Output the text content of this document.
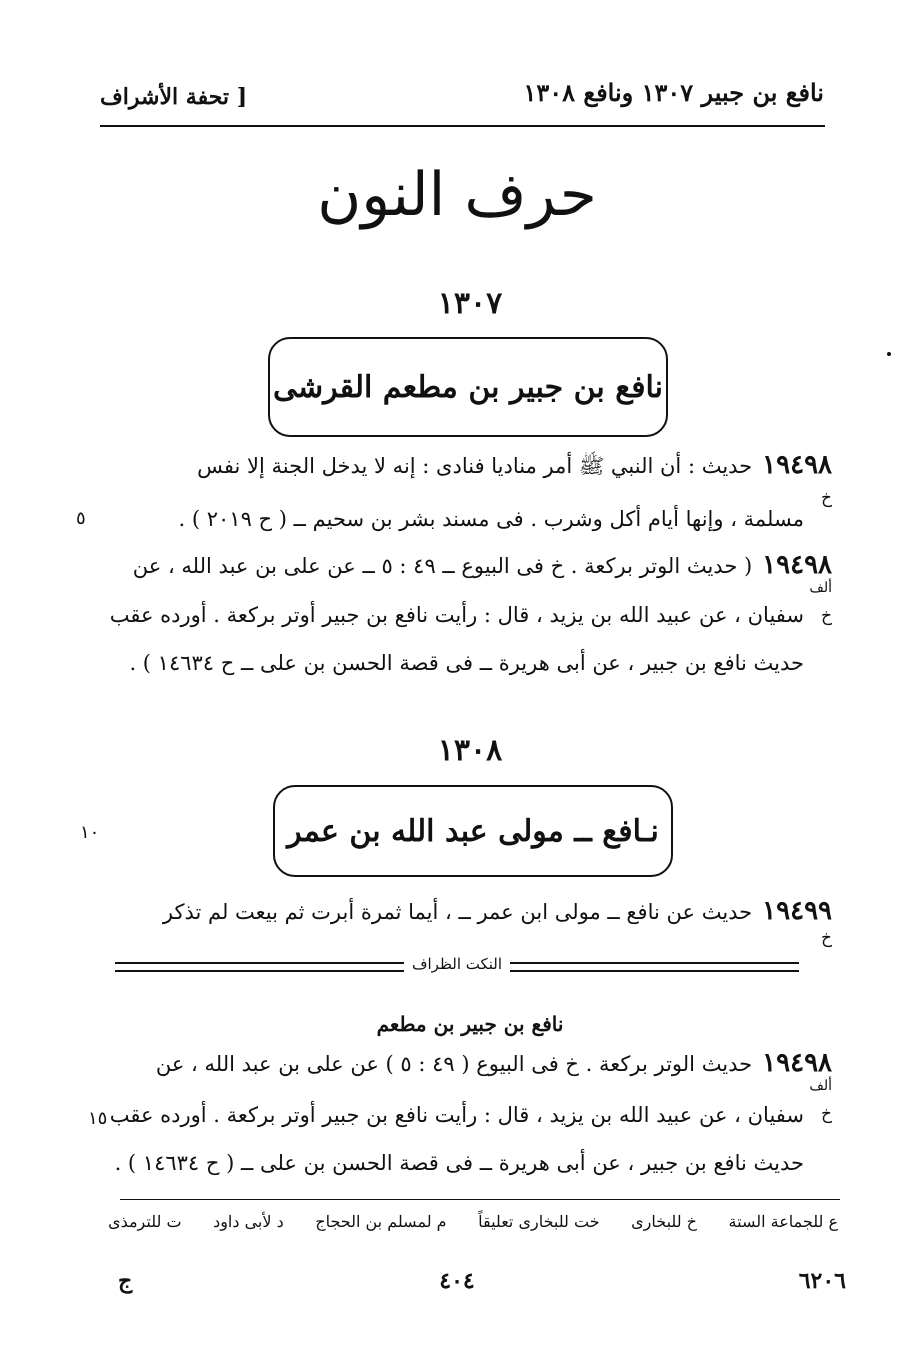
نافع بن جبير ١٣٠٧ ونافع ١٣٠٨
[ تحفة الأشراف
حرف النون
١٣٠٧
نافع بن جبير بن مطعم القرشى
١٩٤٩٨حديث : أن النبي ﷺ أمر مناديا فنادى : إنه لا يدخل الجنة إلا نفس
خ
مسلمة ، وإنها أيام أكل وشرب . فى مسند بشر بن سحيم ــ ( ح ٢٠١٩ ) .
٥
١٩٤٩٨( حديث الوتر بركعة . خ فى البيوع ــ ٤٩ : ٥ ــ عن على بن عبد الله ، عن
ألف
خ
سفيان ، عن عبيد الله بن يزيد ، قال : رأيت نافع بن جبير أوتر بركعة . أورده عقب
حديث نافع بن جبير ، عن أبى هريرة ــ فى قصة الحسن بن على ــ ح ١٤٦٣٤ ) .
١٣٠٨
نـافع ــ مولى عبد الله بن عمر
١٠
١٩٤٩٩حديث عن نافع ــ مولى ابن عمر ــ ، أيما ثمرة أبرت ثم بيعت لم تذكر
خ
النكت الظراف
نافع بن جبير بن مطعم
١٩٤٩٨حديث الوتر بركعة . خ فى البيوع ( ٤٩ : ٥ ) عن على بن عبد الله ، عن
ألف
خ
سفيان ، عن عبيد الله بن يزيد ، قال : رأيت نافع بن جبير أوتر بركعة . أورده عقب
١٥
حديث نافع بن جبير ، عن أبى هريرة ــ فى قصة الحسن بن على ــ ( ح ١٤٦٣٤ ) .
ع للجماعة الستة
خ للبخارى
خت للبخارى تعليقاً
م لمسلم بن الحجاج
د لأبى داود
ت للترمذى
٦٢٠٦
٤٠٤
ج
